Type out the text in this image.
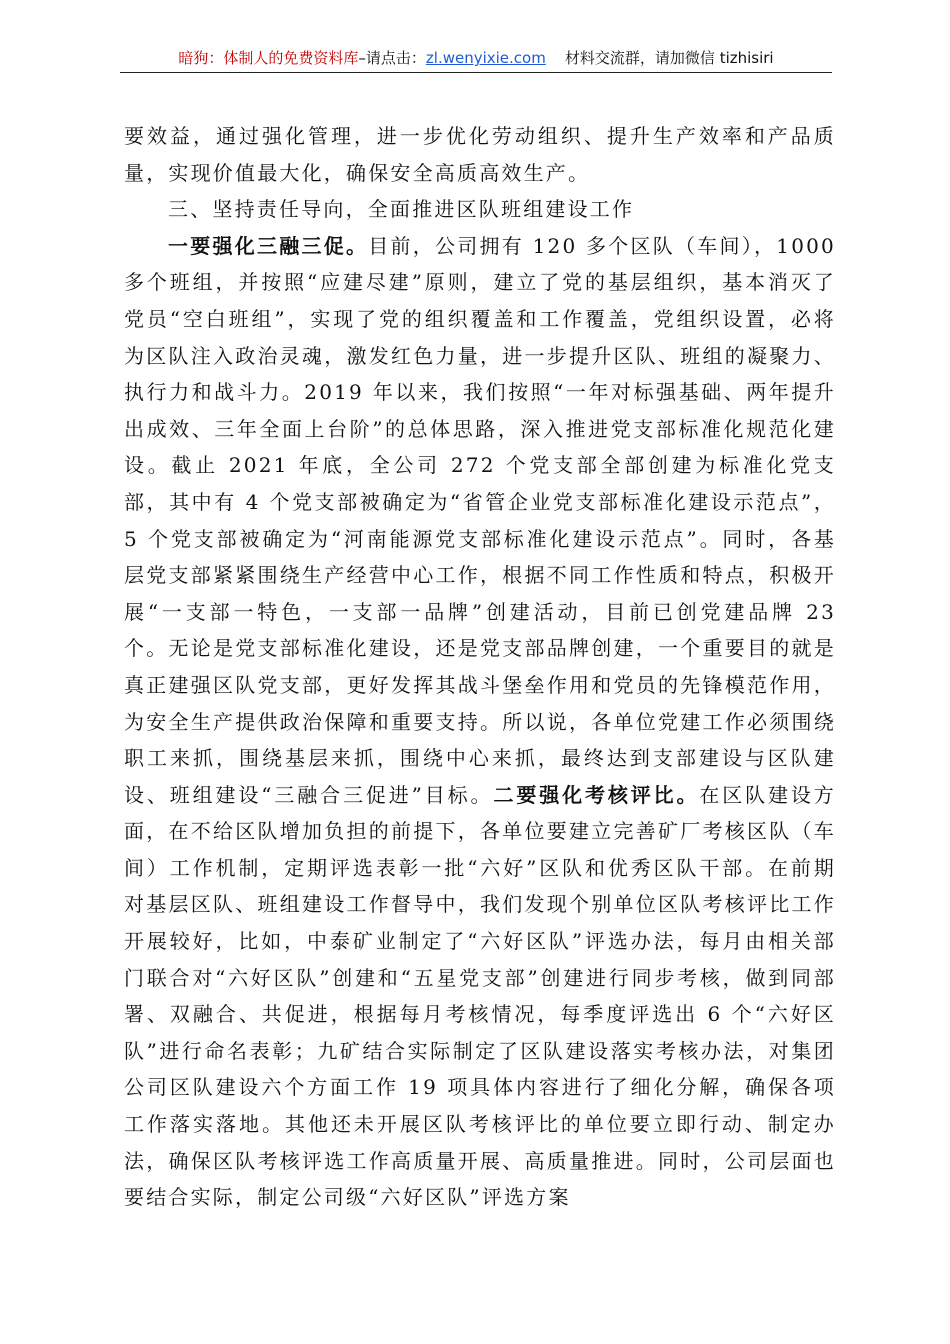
暗狗：体制人的免费资料库–请点击：zl.wenyixie.com 材料交流群，请加微信 tizhisiri

要效益，通过强化管理，进一步优化劳动组织、提升生产效率和产品质量，实现价值最大化，确保安全高质高效生产。

三、坚持责任导向，全面推进区队班组建设工作

一要强化三融三促。目前，公司拥有 120 多个区队（车间），1000 多个班组，并按照“应建尽建”原则，建立了党的基层组织，基本消灭了党员“空白班组”，实现了党的组织覆盖和工作覆盖，党组织设置，必将为区队注入政治灵魂，激发红色力量，进一步提升区队、班组的凝聚力、执行力和战斗力。2019 年以来，我们按照“一年对标强基础、两年提升出成效、三年全面上台阶”的总体思路，深入推进党支部标准化规范化建设。截止 2021 年底，全公司 272 个党支部全部创建为标准化党支部，其中有 4 个党支部被确定为“省管企业党支部标准化建设示范点”，5 个党支部被确定为“河南能源党支部标准化建设示范点”。同时，各基层党支部紧紧围绕生产经营中心工作，根据不同工作性质和特点，积极开展“一支部一特色，一支部一品牌”创建活动，目前已创党建品牌 23 个。无论是党支部标准化建设，还是党支部品牌创建，一个重要目的就是真正建强区队党支部，更好发挥其战斗堡垒作用和党员的先锋模范作用，为安全生产提供政治保障和重要支持。所以说，各单位党建工作必须围绕职工来抓，围绕基层来抓，围绕中心来抓，最终达到支部建设与区队建设、班组建设“三融合三促进”目标。二要强化考核评比。在区队建设方面，在不给区队增加负担的前提下，各单位要建立完善矿厂考核区队（车间）工作机制，定期评选表彰一批“六好”区队和优秀区队干部。在前期对基层区队、班组建设工作督导中，我们发现个别单位区队考核评比工作开展较好，比如，中泰矿业制定了“六好区队”评选办法，每月由相关部门联合对“六好区队”创建和“五星党支部”创建进行同步考核，做到同部署、双融合、共促进，根据每月考核情况，每季度评选出 6 个“六好区队”进行命名表彰；九矿结合实际制定了区队建设落实考核办法，对集团公司区队建设六个方面工作 19 项具体内容进行了细化分解，确保各项工作落实落地。其他还未开展区队考核评比的单位要立即行动、制定办法，确保区队考核评选工作高质量开展、高质量推进。同时，公司层面也要结合实际，制定公司级“六好区队”评选方案
